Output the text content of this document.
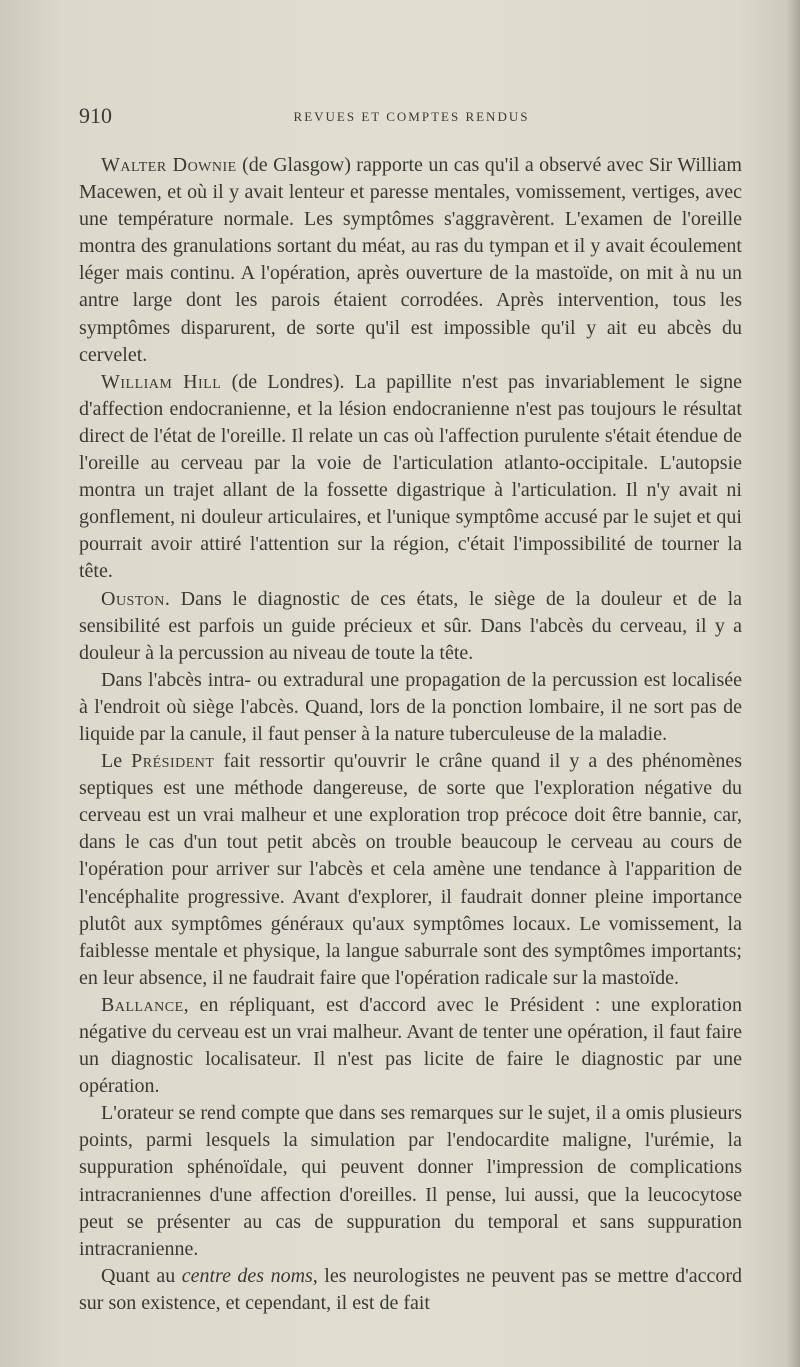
910	REVUES ET COMPTES RENDUS

Walter Downie (de Glasgow) rapporte un cas qu'il a observé avec Sir William Macewen, et où il y avait lenteur et paresse mentales, vomissement, vertiges, avec une température normale. Les symptômes s'aggravèrent. L'examen de l'oreille montra des granulations sortant du méat, au ras du tympan et il y avait écoulement léger mais continu. A l'opération, après ouverture de la mastoïde, on mit à nu un antre large dont les parois étaient corrodées. Après intervention, tous les symptômes disparurent, de sorte qu'il est impossible qu'il y ait eu abcès du cervelet.

William Hill (de Londres). La papillite n'est pas invariablement le signe d'affection endocranienne, et la lésion endocranienne n'est pas toujours le résultat direct de l'état de l'oreille. Il relate un cas où l'affection purulente s'était étendue de l'oreille au cerveau par la voie de l'articulation atlanto-occipitale. L'autopsie montra un trajet allant de la fossette digastrique à l'articulation. Il n'y avait ni gonflement, ni douleur articulaires, et l'unique symptôme accusé par le sujet et qui pourrait avoir attiré l'attention sur la région, c'était l'impossibilité de tourner la tête.

Ouston. Dans le diagnostic de ces états, le siège de la douleur et de la sensibilité est parfois un guide précieux et sûr. Dans l'abcès du cerveau, il y a douleur à la percussion au niveau de toute la tête.

Dans l'abcès intra- ou extradural une propagation de la percussion est localisée à l'endroit où siège l'abcès. Quand, lors de la ponction lombaire, il ne sort pas de liquide par la canule, il faut penser à la nature tuberculeuse de la maladie.

Le Président fait ressortir qu'ouvrir le crâne quand il y a des phénomènes septiques est une méthode dangereuse, de sorte que l'exploration négative du cerveau est un vrai malheur et une exploration trop précoce doit être bannie, car, dans le cas d'un tout petit abcès on trouble beaucoup le cerveau au cours de l'opération pour arriver sur l'abcès et cela amène une tendance à l'apparition de l'encéphalite progressive. Avant d'explorer, il faudrait donner pleine importance plutôt aux symptômes généraux qu'aux symptômes locaux. Le vomissement, la faiblesse mentale et physique, la langue saburrale sont des symptômes importants; en leur absence, il ne faudrait faire que l'opération radicale sur la mastoïde.

Ballance, en répliquant, est d'accord avec le Président : une exploration négative du cerveau est un vrai malheur. Avant de tenter une opération, il faut faire un diagnostic localisateur. Il n'est pas licite de faire le diagnostic par une opération.

L'orateur se rend compte que dans ses remarques sur le sujet, il a omis plusieurs points, parmi lesquels la simulation par l'endocardite maligne, l'urémie, la suppuration sphénoïdale, qui peuvent donner l'impression de complications intracraniennes d'une affection d'oreilles. Il pense, lui aussi, que la leucocytose peut se présenter au cas de suppuration du temporal et sans suppuration intracranienne.

Quant au centre des noms, les neurologistes ne peuvent pas se mettre d'accord sur son existence, et cependant, il est de fait
